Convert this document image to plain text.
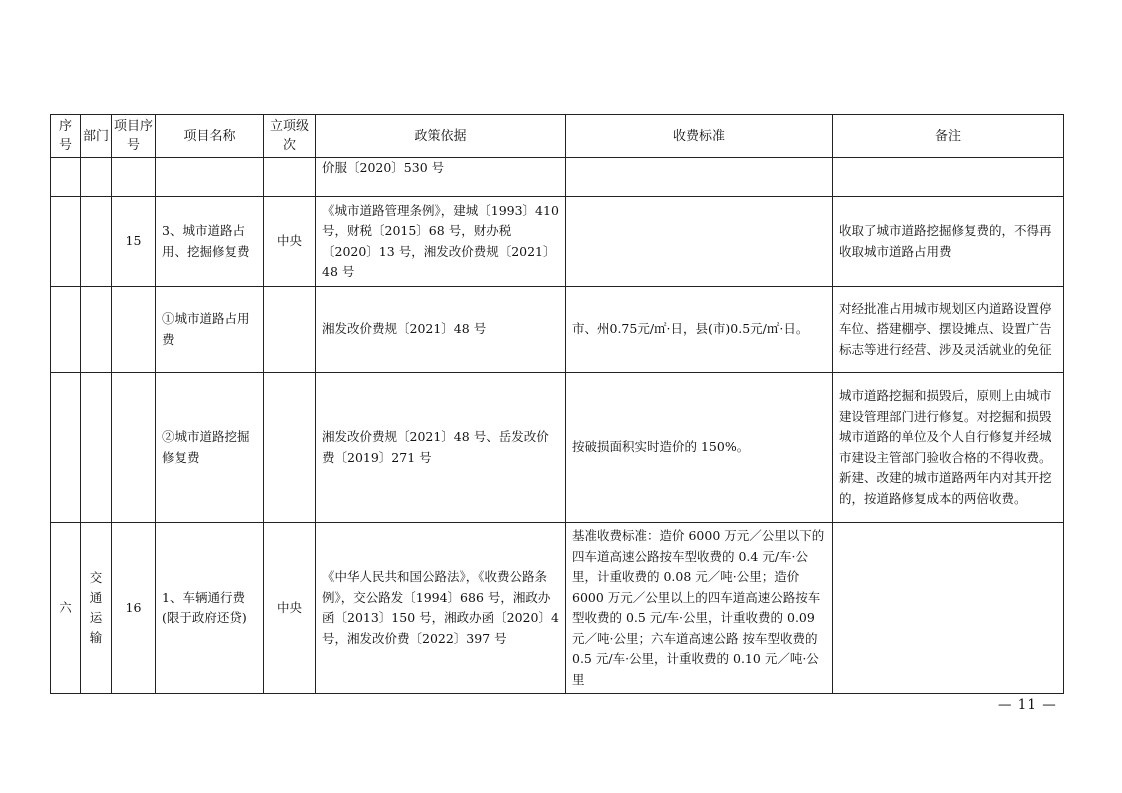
序号	部门	项目序号	项目名称	立项级次	政策依据	收费标准	备注
					价服〔2020〕530 号		
		15	3、城市道路占用、挖掘修复费	中央	《城市道路管理条例》，建城〔1993〕410 号，财税〔2015〕68 号，财办税〔2020〕13 号，湘发改价费规〔2021〕48 号		收取了城市道路挖掘修复费的，不得再收取城市道路占用费
			①城市道路占用费		湘发改价费规〔2021〕48 号	市、州0.75元/㎡·日，县(市)0.5元/㎡·日。	对经批准占用城市规划区内道路设置停车位、搭建棚亭、摆设摊点、设置广告标志等进行经营、涉及灵活就业的免征
			②城市道路挖掘修复费		湘发改价费规〔2021〕48 号、岳发改价费〔2019〕271 号	按破损面积实时造价的 150%。	城市道路挖掘和损毁后，原则上由城市建设管理部门进行修复。对挖掘和损毁城市道路的单位及个人自行修复并经城市建设主管部门验收合格的不得收费。新建、改建的城市道路两年内对其开挖的，按道路修复成本的两倍收费。
六	交通运输	16	1、车辆通行费(限于政府还贷)	中央	《中华人民共和国公路法》，《收费公路条例》，交公路发〔1994〕686 号，湘政办函〔2013〕150 号，湘政办函〔2020〕4 号，湘发改价费〔2022〕397 号	基准收费标准：造价 6000 万元／公里以下的四车道高速公路按车型收费的 0.4 元/车·公里，计重收费的 0.08 元／吨·公里；造价 6000 万元／公里以上的四车道高速公路按车型收费的 0.5 元/车·公里，计重收费的 0.09 元／吨·公里；六车道高速公路 按车型收费的 0.5 元/车·公里，计重收费的 0.10 元／吨·公里	
— 11 —
